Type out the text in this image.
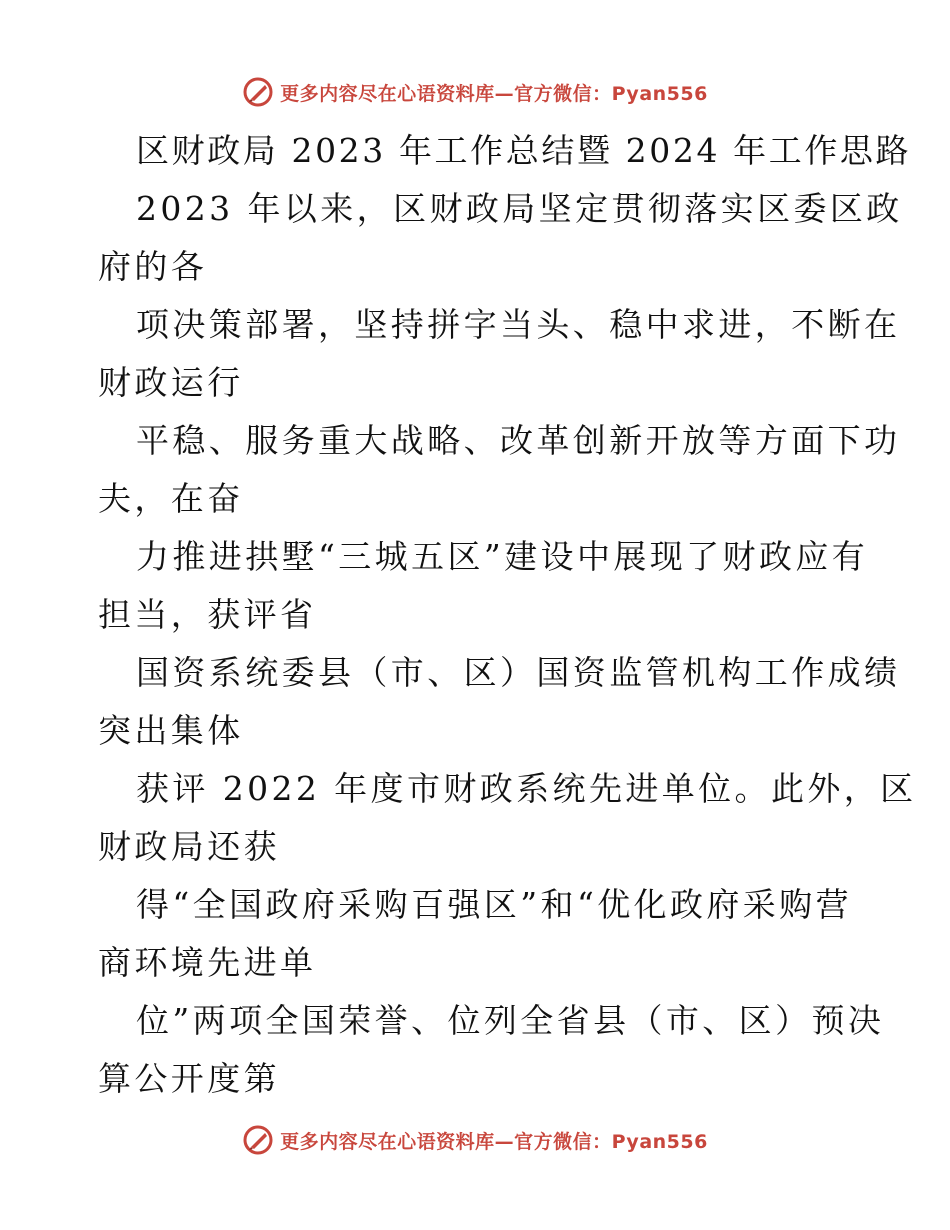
更多内容尽在心语资料库—官方微信：Pyan556
区财政局 2023 年工作总结暨 2024 年工作思路
2023 年以来，区财政局坚定贯彻落实区委区政
府的各
项决策部署，坚持拼字当头、稳中求进，不断在
财政运行
平稳、服务重大战略、改革创新开放等方面下功
夫，在奋
力推进拱墅“三城五区”建设中展现了财政应有
担当，获评省
国资系统委县（市、区）国资监管机构工作成绩
突出集体
获评 2022 年度市财政系统先进单位。此外，区
财政局还获
得“全国政府采购百强区”和“优化政府采购营
商环境先进单
位”两项全国荣誉、位列全省县（市、区）预决
算公开度第
更多内容尽在心语资料库—官方微信：Pyan556
